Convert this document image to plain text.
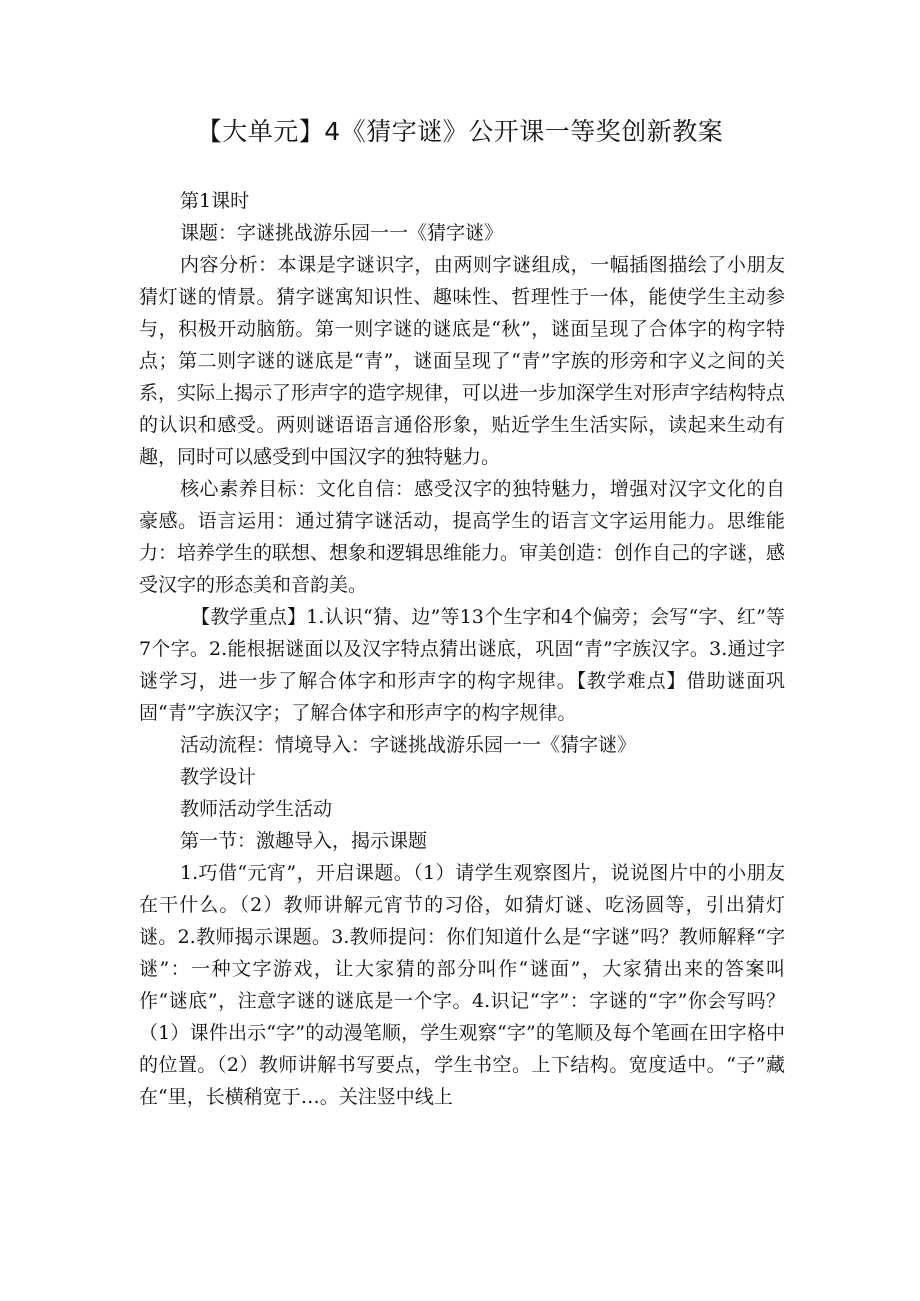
【大单元】4《猜字谜》公开课一等奖创新教案

第1课时

课题：字谜挑战游乐园一一《猜字谜》

内容分析：本课是字谜识字，由两则字谜组成，一幅插图描绘了小朋友猜灯谜的情景。猜字谜寓知识性、趣味性、哲理性于一体，能使学生主动参与，积极开动脑筋。第一则字谜的谜底是“秋”，谜面呈现了合体字的构字特点；第二则字谜的谜底是“青”，谜面呈现了“青”字族的形旁和字义之间的关系，实际上揭示了形声字的造字规律，可以进一步加深学生对形声字结构特点的认识和感受。两则谜语语言通俗形象，贴近学生生活实际，读起来生动有趣，同时可以感受到中国汉字的独特魅力。

核心素养目标：文化自信：感受汉字的独特魅力，增强对汉字文化的自豪感。语言运用：通过猜字谜活动，提高学生的语言文字运用能力。思维能力：培养学生的联想、想象和逻辑思维能力。审美创造：创作自己的字谜，感受汉字的形态美和音韵美。

【教学重点】1.认识“猜、边”等13个生字和4个偏旁；会写“字、红”等7个字。2.能根据谜面以及汉字特点猜出谜底，巩固“青”字族汉字。3.通过字谜学习，进一步了解合体字和形声字的构字规律。【教学难点】借助谜面巩固“青”字族汉字；了解合体字和形声字的构字规律。

活动流程：情境导入：字谜挑战游乐园一一《猜字谜》

教学设计

教师活动学生活动

第一节：激趣导入，揭示课题

1.巧借“元宵”，开启课题。（1）请学生观察图片，说说图片中的小朋友在干什么。（2）教师讲解元宵节的习俗，如猜灯谜、吃汤圆等，引出猜灯谜。2.教师揭示课题。3.教师提问：你们知道什么是“字谜”吗？教师解释“字谜”：一种文字游戏，让大家猜的部分叫作“谜面”，大家猜出来的答案叫作“谜底”，注意字谜的谜底是一个字。4.识记“字”：字谜的“字”你会写吗？（1）课件出示“字”的动漫笔顺，学生观察“字”的笔顺及每个笔画在田字格中的位置。（2）教师讲解书写要点，学生书空。上下结构。宽度适中。“子”藏在“里，长横稍宽于…。关注竖中线上
